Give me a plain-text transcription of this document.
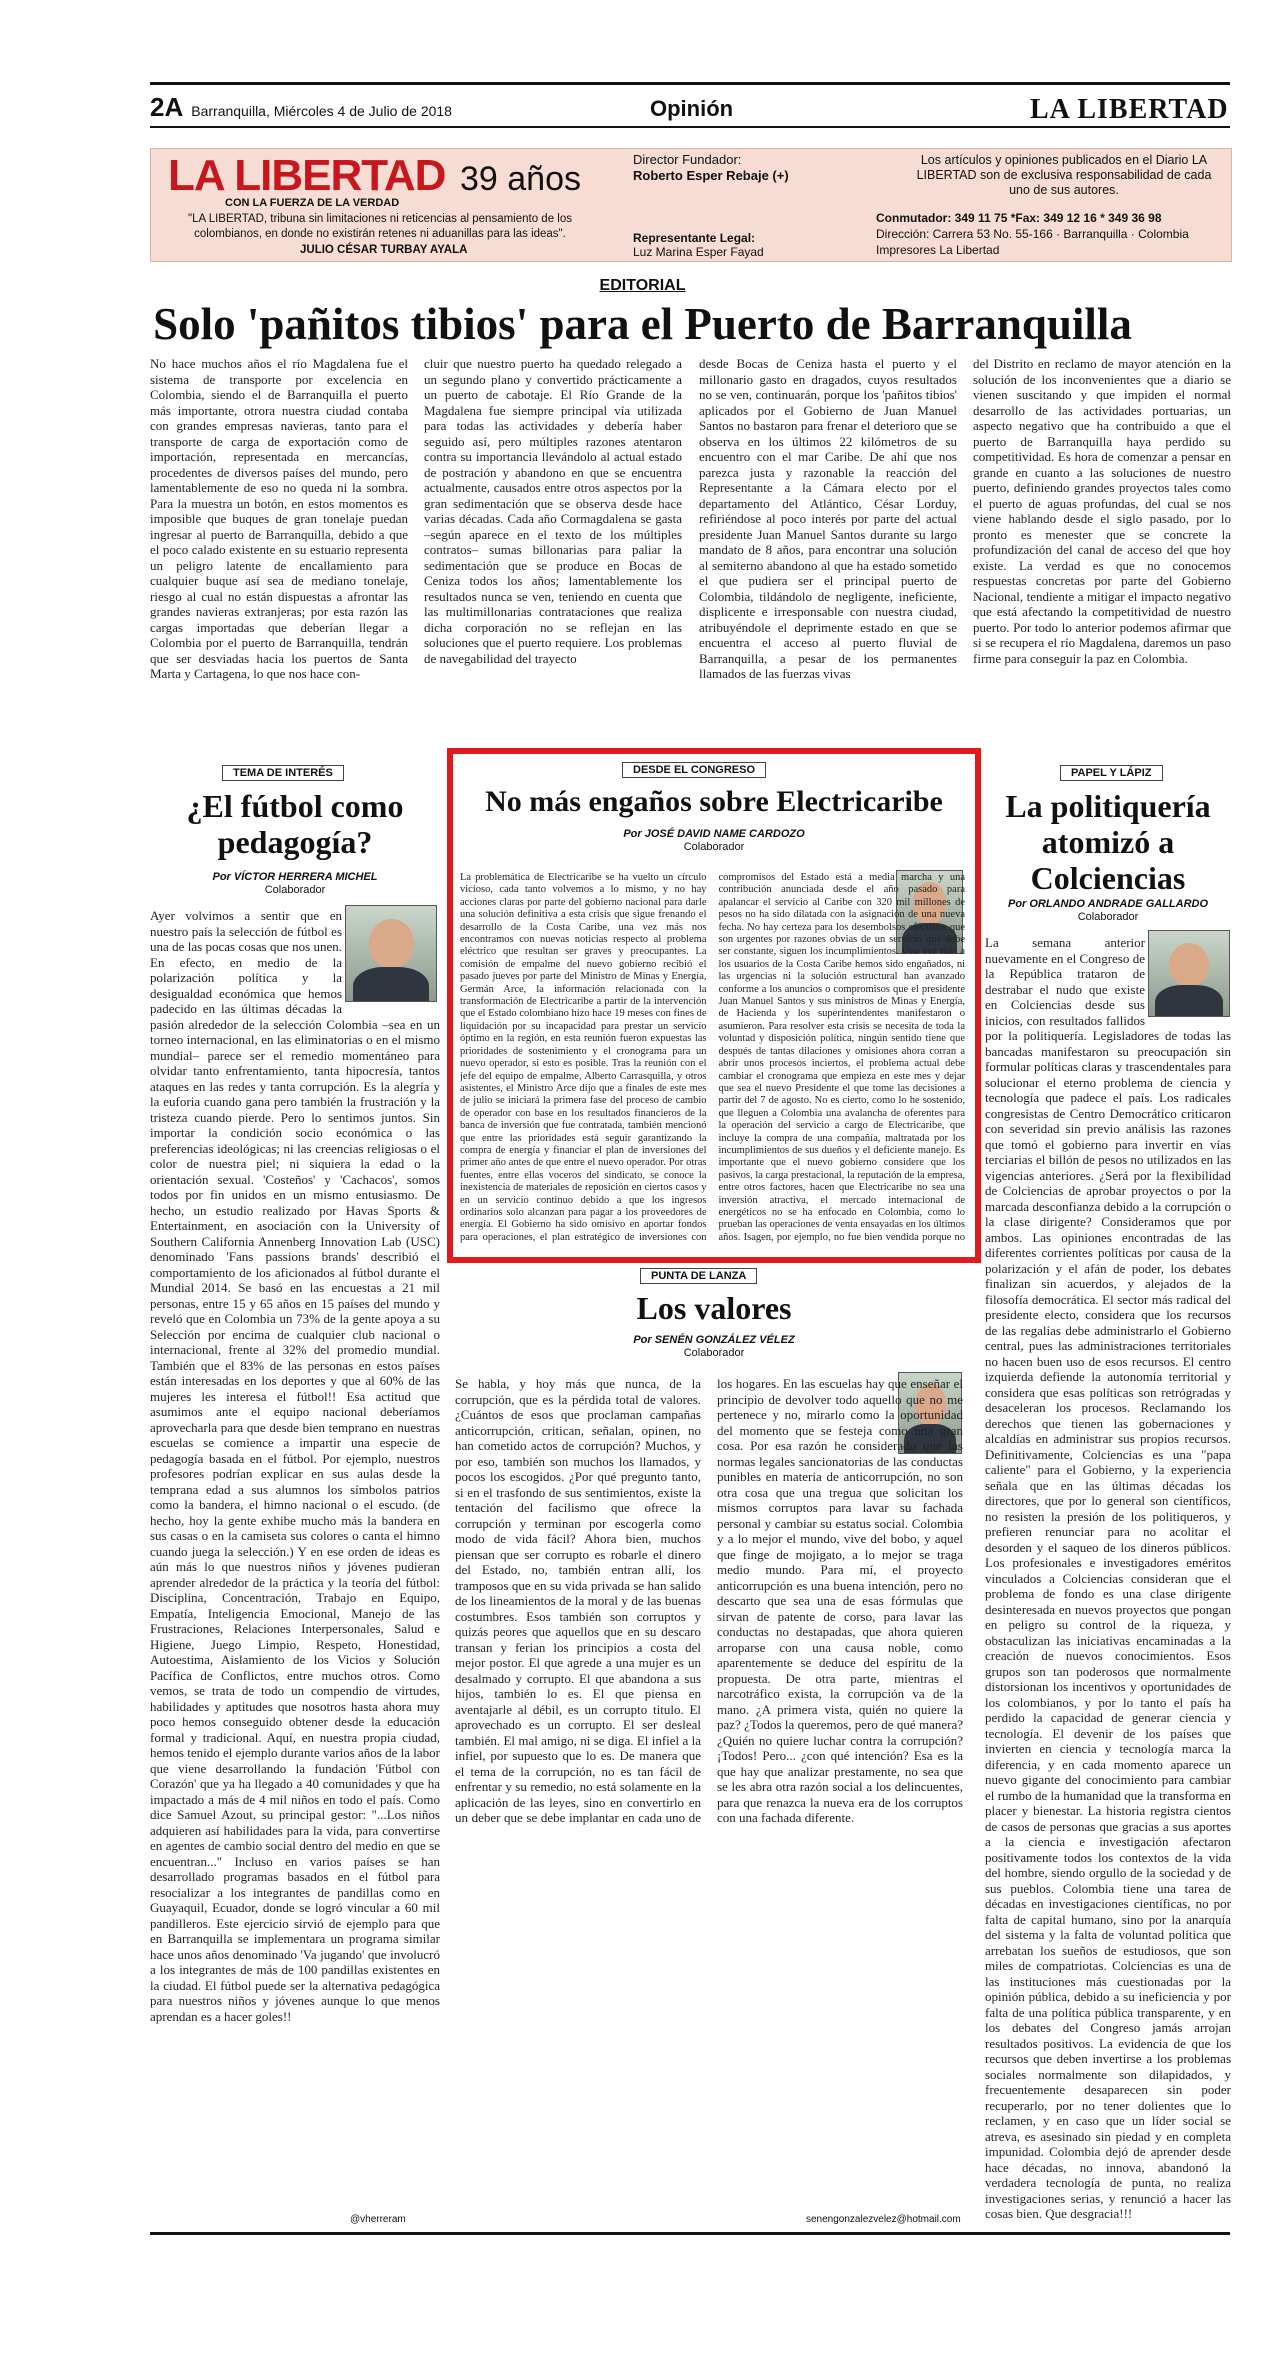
2A Barranquilla, Miércoles 4 de Julio de 2018	Opinión	LA LIBERTAD
LA LIBERTAD 39 años
CON LA FUERZA DE LA VERDAD
"LA LIBERTAD, tribuna sin limitaciones ni reticencias al pensamiento de los colombianos, en donde no existirán retenes ni aduanillas para las ideas".
JULIO CÉSAR TURBAY AYALA
Director Fundador:
Roberto Esper Rebaje (+)
Representante Legal:
Luz Marina Esper Fayad
Los artículos y opiniones publicados en el Diario LA LIBERTAD son de exclusiva responsabilidad de cada uno de sus autores.
Conmutador: 349 11 75 *Fax: 349 12 16 * 349 36 98
Dirección: Carrera 53 No. 55-166 · Barranquilla · Colombia
Impresores La Libertad
EDITORIAL
Solo 'pañitos tibios' para el Puerto de Barranquilla
No hace muchos años el río Magdalena fue el sistema de transporte por excelencia en Colombia, siendo el de Barranquilla el puerto más importante, otrora nuestra ciudad contaba con grandes empresas navieras, tanto para el transporte de carga de exportación como de importación, representada en mercancías, procedentes de diversos países del mundo, pero lamentablemente de eso no queda ni la sombra. Para la muestra un botón, en estos momentos es imposible que buques de gran tonelaje puedan ingresar al puerto de Barranquilla, debido a que el poco calado existente en su estuario representa un peligro latente de encallamiento para cualquier buque así sea de mediano tonelaje, riesgo al cual no están dispuestas a afrontar las grandes navieras extranjeras; por esta razón las cargas importadas que deberían llegar a Colombia por el puerto de Barranquilla, tendrán que ser desviadas hacia los puertos de Santa Marta y Cartagena, lo que nos hace con-
cluir que nuestro puerto ha quedado relegado a un segundo plano y convertido prácticamente a un puerto de cabotaje. El Río Grande de la Magdalena fue siempre principal vía utilizada para todas las actividades y debería haber seguido así, pero múltiples razones atentaron contra su importancia llevándolo al actual estado de postración y abandono en que se encuentra actualmente, causados entre otros aspectos por la gran sedimentación que se observa desde hace varias décadas. Cada año Cormagdalena se gasta –según aparece en el texto de los múltiples contratos– sumas billonarias para paliar la sedimentación que se produce en Bocas de Ceniza todos los años; lamentablemente los resultados nunca se ven, teniendo en cuenta que las multimillonarias contrataciones que realiza dicha corporación no se reflejan en las soluciones que el puerto requiere. Los problemas de navegabilidad del trayecto
desde Bocas de Ceniza hasta el puerto y el millonario gasto en dragados, cuyos resultados no se ven, continuarán, porque los 'pañitos tibios' aplicados por el Gobierno de Juan Manuel Santos no bastaron para frenar el deterioro que se observa en los últimos 22 kilómetros de su encuentro con el mar Caribe. De ahí que nos parezca justa y razonable la reacción del Representante a la Cámara electo por el departamento del Atlántico, César Lorduy, refiriéndose al poco interés por parte del actual presidente Juan Manuel Santos durante su largo mandato de 8 años, para encontrar una solución al semiterno abandono al que ha estado sometido el que pudiera ser el principal puerto de Colombia, tildándolo de negligente, ineficiente, displicente e irresponsable con nuestra ciudad, atribuyéndole el deprimente estado en que se encuentra el acceso al puerto fluvial de Barranquilla, a pesar de los permanentes llamados de las fuerzas vivas
del Distrito en reclamo de mayor atención en la solución de los inconvenientes que a diario se vienen suscitando y que impiden el normal desarrollo de las actividades portuarias, un aspecto negativo que ha contribuido a que el puerto de Barranquilla haya perdido su competitividad. Es hora de comenzar a pensar en grande en cuanto a las soluciones de nuestro puerto, definiendo grandes proyectos tales como el puerto de aguas profundas, del cual se nos viene hablando desde el siglo pasado, por lo pronto es menester que se concrete la profundización del canal de acceso del que hoy existe. La verdad es que no conocemos respuestas concretas por parte del Gobierno Nacional, tendiente a mitigar el impacto negativo que está afectando la competitividad de nuestro puerto. Por todo lo anterior podemos afirmar que si se recupera el río Magdalena, daremos un paso firme para conseguir la paz en Colombia.
TEMA DE INTERÉS
¿El fútbol como pedagogía?
Por VÍCTOR HERRERA MICHEL
Colaborador
Ayer volvimos a sentir que en nuestro país la selección de fútbol es una de las pocas cosas que nos unen. En efecto, en medio de la polarización política y la desigualdad económica que hemos padecido en las últimas décadas la pasión alrededor de la selección Colombia –sea en un torneo internacional, en las eliminatorias o en el mismo mundial– parece ser el remedio momentáneo para olvidar tanto enfrentamiento, tanta hipocresía, tantos ataques en las redes y tanta corrupción. Es la alegría y la euforia cuando gana pero también la frustración y la tristeza cuando pierde. Pero lo sentimos juntos. Sin importar la condición socio económica o las preferencias ideológicas; ni las creencias religiosas o el color de nuestra piel; ni siquiera la edad o la orientación sexual. 'Costeños' y 'Cachacos', somos todos por fin unidos en un mismo entusiasmo. De hecho, un estudio realizado por Havas Sports & Entertainment, en asociación con la University of Southern California Annenberg Innovation Lab (USC) denominado 'Fans passions brands' describió el comportamiento de los aficionados al fútbol durante el Mundial 2014. Se basó en las encuestas a 21 mil personas, entre 15 y 65 años en 15 países del mundo y reveló que en Colombia un 73% de la gente apoya a su Selección por encima de cualquier club nacional o internacional, frente al 32% del promedio mundial. También que el 83% de las personas en estos países están interesadas en los deportes y que al 60% de las mujeres les interesa el fútbol!! Esa actitud que asumimos ante el equipo nacional deberíamos aprovecharla para que desde bien temprano en nuestras escuelas se comience a impartir una especie de pedagogía basada en el fútbol. Por ejemplo, nuestros profesores podrían explicar en sus aulas desde la temprana edad a sus alumnos los símbolos patrios como la bandera, el himno nacional o el escudo. (de hecho, hoy la gente exhibe mucho más la bandera en sus casas o en la camiseta sus colores o canta el himno cuando juega la selección.) Y en ese orden de ideas es aún más lo que nuestros niños y jóvenes pudieran aprender alrededor de la práctica y la teoría del fútbol: Disciplina, Concentración, Trabajo en Equipo, Empatía, Inteligencia Emocional, Manejo de las Frustraciones, Relaciones Interpersonales, Salud e Higiene, Juego Limpio, Respeto, Honestidad, Autoestima, Aislamiento de los Vicios y Solución Pacífica de Conflictos, entre muchos otros. Como vemos, se trata de todo un compendio de virtudes, habilidades y aptitudes que nosotros hasta ahora muy poco hemos conseguido obtener desde la educación formal y tradicional. Aquí, en nuestra propia ciudad, hemos tenido el ejemplo durante varios años de la labor que viene desarrollando la fundación 'Fútbol con Corazón' que ya ha llegado a 40 comunidades y que ha impactado a más de 4 mil niños en todo el país. Como dice Samuel Azout, su principal gestor: "...Los niños adquieren así habilidades para la vida, para convertirse en agentes de cambio social dentro del medio en que se encuentran..." Incluso en varios países se han desarrollado programas basados en el fútbol para resocializar a los integrantes de pandillas como en Guayaquil, Ecuador, donde se logró vincular a 60 mil pandilleros. Este ejercicio sirvió de ejemplo para que en Barranquilla se implementara un programa similar hace unos años denominado 'Va jugando' que involucró a los integrantes de más de 100 pandillas existentes en la ciudad. El fútbol puede ser la alternativa pedagógica para nuestros niños y jóvenes aunque lo que menos aprendan es a hacer goles!!
@vherreram
DESDE EL CONGRESO
No más engaños sobre Electricaribe
Por JOSÉ DAVID NAME CARDOZO
Colaborador
La problemática de Electricaribe se ha vuelto un círculo vicioso, cada tanto volvemos a lo mismo, y no hay acciones claras por parte del gobierno nacional para darle una solución definitiva a esta crisis que sigue frenando el desarrollo de la Costa Caribe, una vez más nos encontramos con nuevas noticias respecto al problema eléctrico que resultan ser graves y preocupantes. La comisión de empalme del nuevo gobierno recibió el pasado jueves por parte del Ministro de Minas y Energía, Germán Arce, la información relacionada con la transformación de Electricaribe a partir de la intervención que el Estado colombiano hizo hace 19 meses con fines de liquidación por su incapacidad para prestar un servicio óptimo en la región, en esta reunión fueron expuestas las prioridades de sostenimiento y el cronograma para un nuevo operador, si esto es posible. Tras la reunión con el jefe del equipo de empalme, Alberto Carrasquilla, y otros asistentes, el Ministro Arce dijo que a finales de este mes de julio se iniciará la primera fase del proceso de cambio de operador con base en los resultados financieros de la banca de inversión que fue contratada, también mencionó que entre las prioridades está seguir garantizando la compra de energía y financiar el plan de inversiones del primer año antes de que entre el nuevo operador. Por otras fuentes, entre ellas voceros del sindicato, se conoce la inexistencia de materiales de reposición en ciertos casos y en un servicio continuo debido a que los ingresos ordinarios solo alcanzan para pagar a los proveedores de energía. El Gobierno ha sido omisivo en aportar fondos para operaciones, el plan estratégico de inversiones con compromisos del Estado está a media marcha y una contribución anunciada desde el año pasado para apalancar el servicio al Caribe con 320 mil millones de pesos no ha sido dilatada con la asignación de una nueva fecha. No hay certeza para los desembolsos efectivos que son urgentes por razones obvias de un servicio que debe ser constante, siguen los incumplimientos. Una vez más a los usuarios de la Costa Caribe hemos sido engañados, ni las urgencias ni la solución estructural han avanzado conforme a los anuncios o compromisos que el presidente Juan Manuel Santos y sus ministros de Minas y Energía, de Hacienda y los superintendentes manifestaron o asumieron. Para resolver esta crisis se necesita de toda la voluntad y disposición política, ningún sentido tiene que después de tantas dilaciones y omisiones ahora corran a abrir unos procesos inciertos, el problema actual debe cambiar el cronograma que empieza en este mes y dejar que sea el nuevo Presidente el que tome las decisiones a partir del 7 de agosto. No es cierto, como lo he sostenido, que lleguen a Colombia una avalancha de oferentes para la operación del servicio a cargo de Electricaribe, que incluye la compra de una compañía, maltratada por los incumplimientos de sus dueños y el deficiente manejo. Es importante que el nuevo gobierno considere que los pasivos, la carga prestacional, la reputación de la empresa, entre otros factores, hacen que Electricaribe no sea una inversión atractiva, el mercado internacional de energéticos no se ha enfocado en Colombia, como lo prueban las operaciones de venta ensayadas en los últimos años. Isagen, por ejemplo, no fue bien vendida porque no
PAPEL Y LÁPIZ
La politiquería atomizó a Colciencias
Por ORLANDO ANDRADE GALLARDO
Colaborador
La semana anterior nuevamente en el Congreso de la República trataron de destrabar el nudo que existe en Colciencias desde sus inicios, con resultados fallidos por la politiquería. Legisladores de todas las bancadas manifestaron su preocupación sin formular políticas claras y trascendentales para solucionar el eterno problema de ciencia y tecnología que padece el país. Los radicales congresistas de Centro Democrático criticaron con severidad sin previo análisis las razones que tomó el gobierno para invertir en vías terciarias el billón de pesos no utilizados en las vigencias anteriores. ¿Será por la flexibilidad de Colciencias de aprobar proyectos o por la marcada desconfianza debido a la corrupción o la clase dirigente? Consideramos que por ambos. Las opiniones encontradas de las diferentes corrientes políticas por causa de la polarización y el afán de poder, los debates finalizan sin acuerdos, y alejados de la filosofía democrática. El sector más radical del presidente electo, considera que los recursos de las regalías debe administrarlo el Gobierno central, pues las administraciones territoriales no hacen buen uso de esos recursos. El centro izquierda defiende la autonomía territorial y considera que esas políticas son retrógradas y desaceleran los procesos. Reclamando los derechos que tienen las gobernaciones y alcaldías en administrar sus propios recursos. Definitivamente, Colciencias es una "papa caliente" para el Gobierno, y la experiencia señala que en las últimas décadas los directores, que por lo general son científicos, no resisten la presión de los politiqueros, y prefieren renunciar para no acolitar el desorden y el saqueo de los dineros públicos. Los profesionales e investigadores eméritos vinculados a Colciencias consideran que el problema de fondo es una clase dirigente desinteresada en nuevos proyectos que pongan en peligro su control de la riqueza, y obstaculizan las iniciativas encaminadas a la creación de nuevos conocimientos. Esos grupos son tan poderosos que normalmente distorsionan los incentivos y oportunidades de los colombianos, y por lo tanto el país ha perdido la capacidad de generar ciencia y tecnología. El devenir de los países que invierten en ciencia y tecnología marca la diferencia, y en cada momento aparece un nuevo gigante del conocimiento para cambiar el rumbo de la humanidad que la transforma en placer y bienestar. La historia registra cientos de casos de personas que gracias a sus aportes a la ciencia e investigación afectaron positivamente todos los contextos de la vida del hombre, siendo orgullo de la sociedad y de sus pueblos. Colombia tiene una tarea de décadas en investigaciones científicas, no por falta de capital humano, sino por la anarquía del sistema y la falta de voluntad política que arrebatan los sueños de estudiosos, que son miles de compatriotas. Colciencias es una de las instituciones más cuestionadas por la opinión pública, debido a su ineficiencia y por falta de una política pública transparente, y en los debates del Congreso jamás arrojan resultados positivos. La evidencia de que los recursos que deben invertirse a los problemas sociales normalmente son dilapidados, y frecuentemente desaparecen sin poder recuperarlo, por no tener dolientes que lo reclamen, y en caso que un líder social se atreva, es asesinado sin piedad y en completa impunidad. Colombia dejó de aprender desde hace décadas, no innova, abandonó la verdadera tecnología de punta, no realiza investigaciones serias, y renunció a hacer las cosas bien. Que desgracia!!!
PUNTA DE LANZA
Los valores
Por SENÉN GONZÁLEZ VÉLEZ
Colaborador
Se habla, y hoy más que nunca, de la corrupción, que es la pérdida total de valores. ¿Cuántos de esos que proclaman campañas anticorrupción, critican, señalan, opinen, no han cometido actos de corrupción? Muchos, y por eso, también son muchos los llamados, y pocos los escogidos. ¿Por qué pregunto tanto, si en el trasfondo de sus sentimientos, existe la tentación del facilismo que ofrece la corrupción y terminan por escogerla como modo de vida fácil? Ahora bien, muchos piensan que ser corrupto es robarle el dinero del Estado, no, también entran allí, los tramposos que en su vida privada se han salido de los lineamientos de la moral y de las buenas costumbres. Esos también son corruptos y quizás peores que aquellos que en su descaro transan y ferian los principios a costa del mejor postor. El que agrede a una mujer es un desalmado y corrupto. El que abandona a sus hijos, también lo es. El que piensa en aventajarle al débil, es un corrupto titulo. El aprovechado es un corrupto. El ser desleal también. El mal amigo, ni se diga. El infiel a la infiel, por supuesto que lo es. De manera que el tema de la corrupción, no es tan fácil de enfrentar y su remedio, no está solamente en la aplicación de las leyes, sino en convertirlo en un deber que se debe implantar en cada uno de los hogares. En las escuelas hay que enseñar el principio de devolver todo aquello que no me pertenece y no, mirarlo como la oportunidad del momento que se festeja como una gran cosa. Por esa razón he considerado que las normas legales sancionatorias de las conductas punibles en materia de anticorrupción, no son otra cosa que una tregua que solicitan los mismos corruptos para lavar su fachada personal y cambiar su estatus social. Colombia y a lo mejor el mundo, vive del bobo, y aquel que finge de mojigato, a lo mejor se traga medio mundo. Para mí, el proyecto anticorrupción es una buena intención, pero no descarto que sea una de esas fórmulas que sirvan de patente de corso, para lavar las conductas no destapadas, que ahora quieren arroparse con una causa noble, como aparentemente se deduce del espíritu de la propuesta. De otra parte, mientras el narcotráfico exista, la corrupción va de la mano. ¿A primera vista, quién no quiere la paz? ¿Todos la queremos, pero de qué manera? ¿Quién no quiere luchar contra la corrupción? ¡Todos! Pero... ¿con qué intención? Esa es la que hay que analizar prestamente, no sea que se les abra otra razón social a los delincuentes, para que renazca la nueva era de los corruptos con una fachada diferente.
senengonzalezvelez@hotmail.com
